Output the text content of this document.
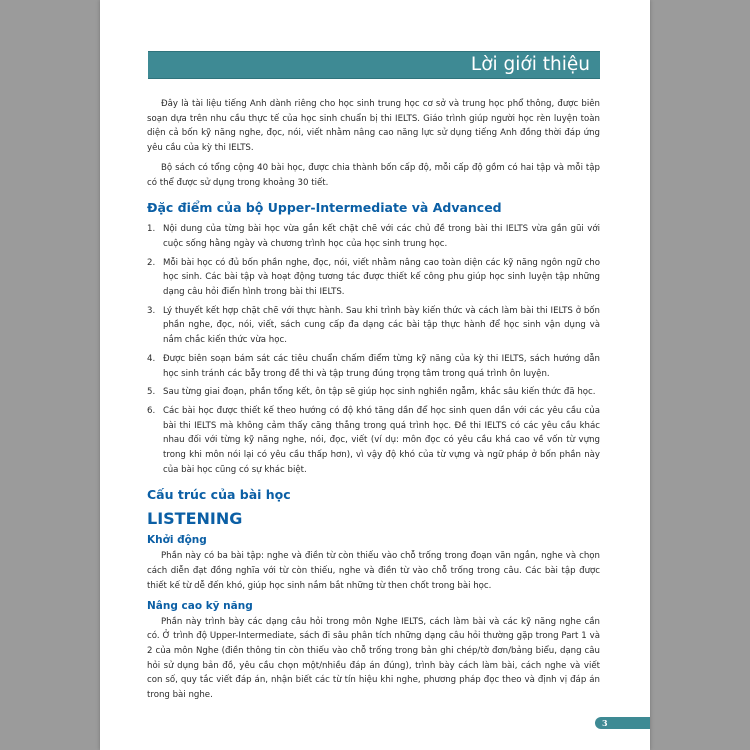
Lời giới thiệu

Đây là tài liệu tiếng Anh dành riêng cho học sinh trung học cơ sở và trung học phổ thông, được biên soạn dựa trên nhu cầu thực tế của học sinh chuẩn bị thi IELTS. Giáo trình giúp người học rèn luyện toàn diện cả bốn kỹ năng nghe, đọc, nói, viết nhằm nâng cao năng lực sử dụng tiếng Anh đồng thời đáp ứng yêu cầu của kỳ thi IELTS.

Bộ sách có tổng cộng 40 bài học, được chia thành bốn cấp độ, mỗi cấp độ gồm có hai tập và mỗi tập có thể được sử dụng trong khoảng 30 tiết.

Đặc điểm của bộ Upper-Intermediate và Advanced
1. Nội dung của từng bài học vừa gắn kết chặt chẽ với các chủ đề trong bài thi IELTS vừa gần gũi với cuộc sống hằng ngày và chương trình học của học sinh trung học.
2. Mỗi bài học có đủ bốn phần nghe, đọc, nói, viết nhằm nâng cao toàn diện các kỹ năng ngôn ngữ cho học sinh. Các bài tập và hoạt động tương tác được thiết kế công phu giúp học sinh luyện tập những dạng câu hỏi điển hình trong bài thi IELTS.
3. Lý thuyết kết hợp chặt chẽ với thực hành. Sau khi trình bày kiến thức và cách làm bài thi IELTS ở bốn phần nghe, đọc, nói, viết, sách cung cấp đa dạng các bài tập thực hành để học sinh vận dụng và nắm chắc kiến thức vừa học.
4. Được biên soạn bám sát các tiêu chuẩn chấm điểm từng kỹ năng của kỳ thi IELTS, sách hướng dẫn học sinh tránh các bẫy trong đề thi và tập trung đúng trọng tâm trong quá trình ôn luyện.
5. Sau từng giai đoạn, phần tổng kết, ôn tập sẽ giúp học sinh nghiền ngẫm, khắc sâu kiến thức đã học.
6. Các bài học được thiết kế theo hướng có độ khó tăng dần để học sinh quen dần với các yêu cầu của bài thi IELTS mà không cảm thấy căng thẳng trong quá trình học. Đề thi IELTS có các yêu cầu khác nhau đối với từng kỹ năng nghe, nói, đọc, viết (ví dụ: môn đọc có yêu cầu khá cao về vốn từ vựng trong khi môn nói lại có yêu cầu thấp hơn), vì vậy độ khó của từ vựng và ngữ pháp ở bốn phần này của bài học cũng có sự khác biệt.
Cấu trúc của bài học
LISTENING
Khởi động

Phần này có ba bài tập: nghe và điền từ còn thiếu vào chỗ trống trong đoạn văn ngắn, nghe và chọn cách diễn đạt đồng nghĩa với từ còn thiếu, nghe và điền từ vào chỗ trống trong câu. Các bài tập được thiết kế từ dễ đến khó, giúp học sinh nắm bắt những từ then chốt trong bài học.

Nâng cao kỹ năng

Phần này trình bày các dạng câu hỏi trong môn Nghe IELTS, cách làm bài và các kỹ năng nghe cần có. Ở trình độ Upper-Intermediate, sách đi sâu phân tích những dạng câu hỏi thường gặp trong Part 1 và 2 của môn Nghe (điền thông tin còn thiếu vào chỗ trống trong bản ghi chép/tờ đơn/bảng biểu, dạng câu hỏi sử dụng bản đồ, yêu cầu chọn một/nhiều đáp án đúng), trình bày cách làm bài, cách nghe và viết con số, quy tắc viết đáp án, nhận biết các từ tín hiệu khi nghe, phương pháp đọc theo và định vị đáp án trong bài nghe.

3
